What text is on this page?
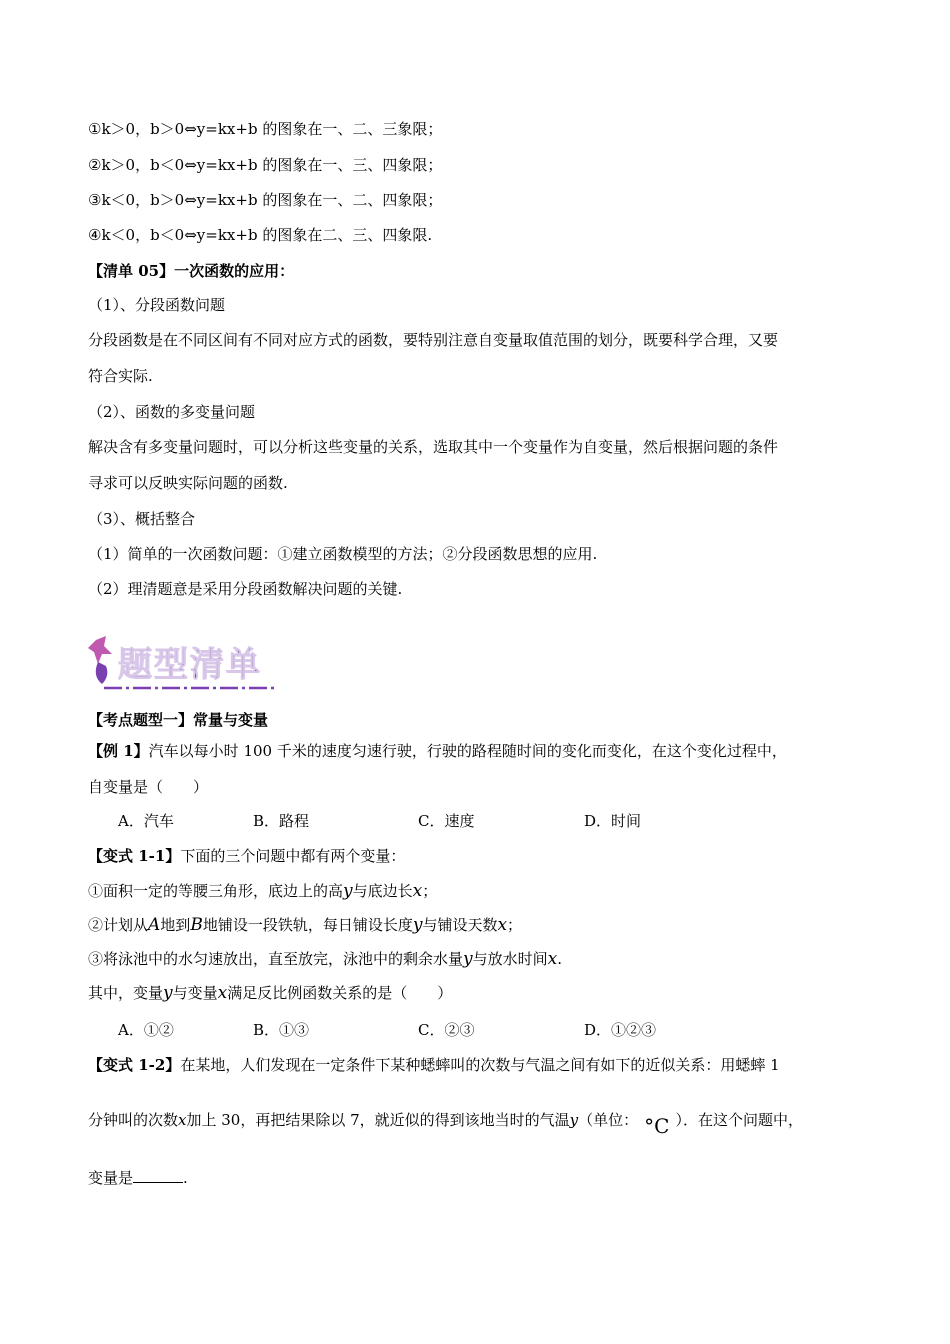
①k＞0，b＞0⇔y=kx+b 的图象在一、二、三象限；
②k＞0，b＜0⇔y=kx+b 的图象在一、三、四象限；
③k＜0，b＞0⇔y=kx+b 的图象在一、二、四象限；
④k＜0，b＜0⇔y=kx+b 的图象在二、三、四象限.
【清单 05】一次函数的应用：
（1）、分段函数问题
分段函数是在不同区间有不同对应方式的函数，要特别注意自变量取值范围的划分，既要科学合理，又要
符合实际.
（2）、函数的多变量问题
解决含有多变量问题时，可以分析这些变量的关系，选取其中一个变量作为自变量，然后根据问题的条件
寻求可以反映实际问题的函数.
（3）、概括整合
（1）简单的一次函数问题：①建立函数模型的方法；②分段函数思想的应用.
（2）理清题意是采用分段函数解决问题的关键.
题型清单
【考点题型一】常量与变量
【例 1】汽车以每小时 100 千米的速度匀速行驶，行驶的路程随时间的变化而变化，在这个变化过程中，
自变量是（　　）
A．汽车	B．路程	C．速度	D．时间
【变式 1-1】下面的三个问题中都有两个变量：
①面积一定的等腰三角形，底边上的高y与底边长x；
②计划从A地到B地铺设一段铁轨，每日铺设长度y与铺设天数x；
③将泳池中的水匀速放出，直至放完，泳池中的剩余水量y与放水时间x.
其中，变量y与变量x满足反比例函数关系的是（　　）
A．①②	B．①③	C．②③	D．①②③
【变式 1-2】在某地，人们发现在一定条件下某种蟋蟀叫的次数与气温之间有如下的近似关系：用蟋蟀 1
分钟叫的次数x加上 30，再把结果除以 7，就近似的得到该地当时的气温y（单位： °C ）．在这个问题中，
变量是	.
